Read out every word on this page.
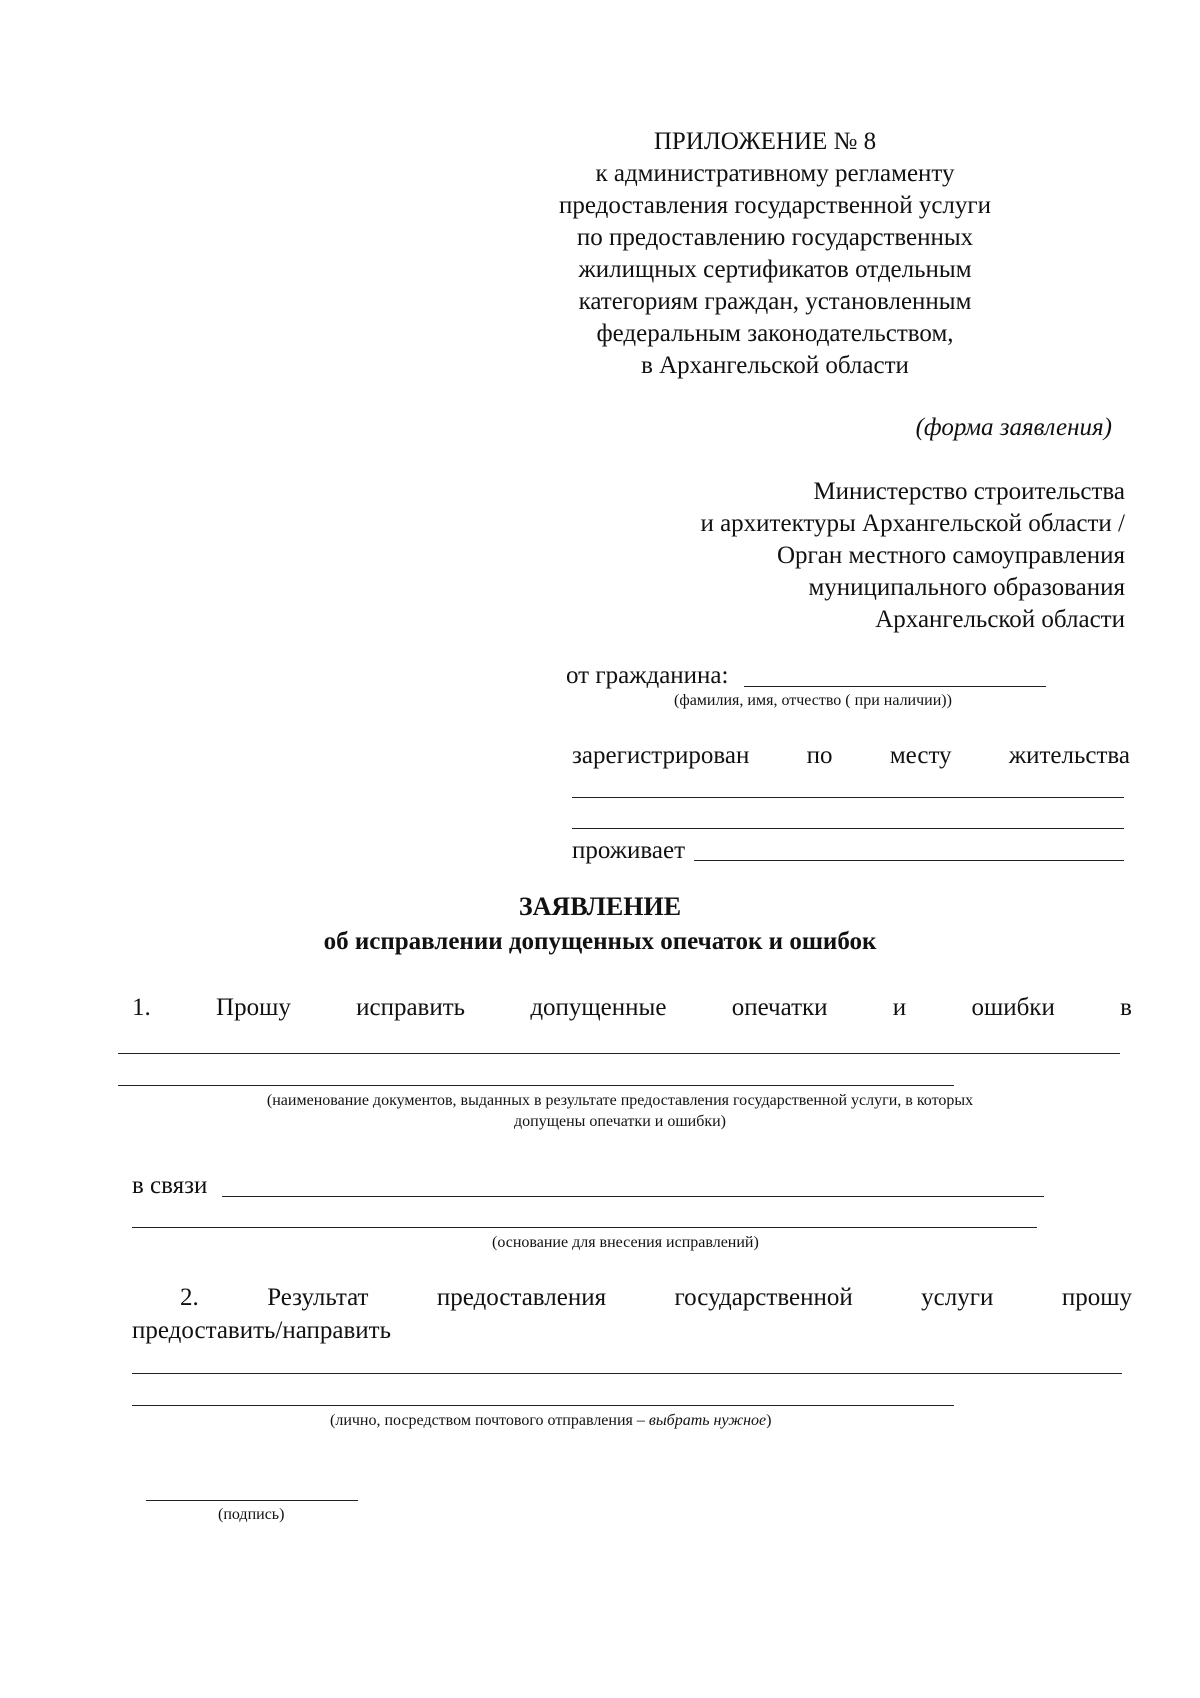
ПРИЛОЖЕНИЕ № 8
к административному регламенту
предоставления государственной услуги
по предоставлению государственных
жилищных сертификатов отдельным
категориям граждан, установленным
федеральным законодательством,
в Архангельской области
(форма заявления)
Министерство строительства
и архитектуры Архангельской области /
Орган местного самоуправления
муниципального образования
Архангельской области
от гражданина:
(фамилия, имя, отчество ( при наличии))
зарегистрирован по месту жительства
проживает
ЗАЯВЛЕНИЕ
об исправлении допущенных опечаток и ошибок
1.	Прошу	исправить	допущенные	опечатки	и	ошибки	в
(наименование документов, выданных в результате предоставления государственной услуги, в которых
допущены опечатки и ошибки)
в связи
(основание для внесения исправлений)
2.	Результат	предоставления	государственной	услуги	прошу
предоставить/направить
(лично, посредством почтового отправления – выбрать нужное)
(подпись)
